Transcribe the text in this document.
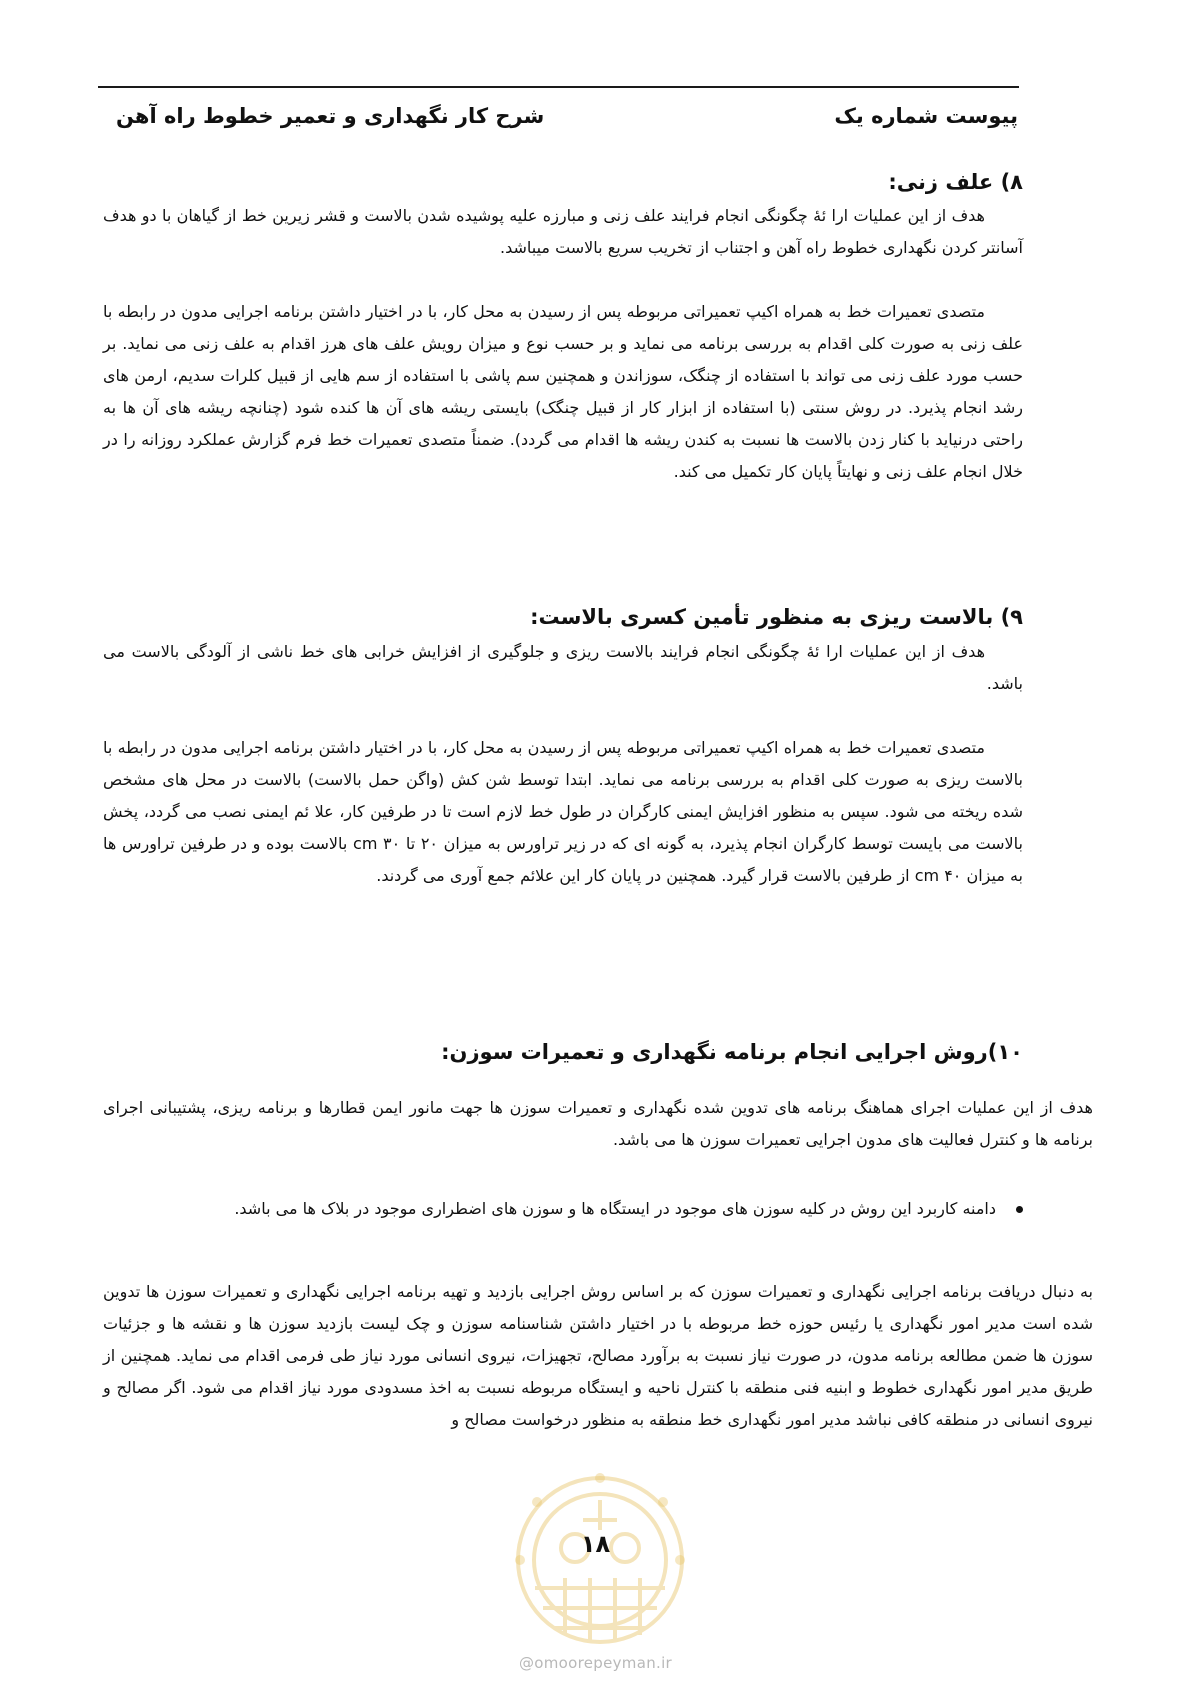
پیوست شماره یک
شرح کار نگهداری و تعمیر خطوط راه آهن
۸) علف زنی:
هدف از این عملیات ارا ئۀ چگونگی انجام فرایند علف زنی و مبارزه علیه پوشیده شدن بالاست و قشر زیرین خط از گیاهان با دو هدف آسانتر کردن نگهداری خطوط راه آهن و اجتناب از تخریب سریع بالاست میباشد.
متصدی تعمیرات خط به همراه اکیپ تعمیراتی مربوطه پس از رسیدن به محل کار، با در اختیار داشتن برنامه اجرایی مدون در رابطه با علف زنی به صورت کلی اقدام به بررسی برنامه می نماید و بر حسب نوع و میزان رویش علف های هرز اقدام به علف زنی می نماید. بر حسب مورد علف زنی می تواند با استفاده از چنگک، سوزاندن و همچنین سم پاشی با استفاده از سم هایی از قبیل کلرات سدیم، ارمن های رشد انجام پذیرد. در روش سنتی (با استفاده از ابزار کار از قبیل چنگک) بایستی ریشه های آن ها کنده شود (چنانچه ریشه های آن ها به راحتی درنیاید با کنار زدن بالاست ها نسبت به کندن ریشه ها اقدام می گردد). ضمناً متصدی تعمیرات خط فرم گزارش عملکرد روزانه را در خلال انجام علف زنی و نهایتاً پایان کار تکمیل می کند.
۹) بالاست ریزی به منظور تأمین کسری بالاست:
هدف از این عملیات ارا ئۀ چگونگی انجام فرایند بالاست ریزی و جلوگیری از افزایش خرابی های خط ناشی از آلودگی بالاست می باشد.
متصدی تعمیرات خط به همراه اکیپ تعمیراتی مربوطه پس از رسیدن به محل کار، با در اختیار داشتن برنامه اجرایی مدون در رابطه با بالاست ریزی به صورت کلی اقدام به بررسی برنامه می نماید. ابتدا توسط شن کش (واگن حمل بالاست) بالاست در محل های مشخص شده ریخته می شود. سپس به منظور افزایش ایمنی کارگران در طول خط لازم است تا در طرفین کار، علا ئم ایمنی نصب می گردد، پخش بالاست می بایست توسط کارگران انجام پذیرد، به گونه ای که در زیر تراورس به میزان ۲۰ تا cm ۳۰ بالاست بوده و در طرفین تراورس ها به میزان cm ۴۰ از طرفین بالاست قرار گیرد. همچنین در پایان کار این علائم جمع آوری می گردند.
۱۰)روش اجرایی انجام برنامه نگهداری و تعمیرات سوزن:
هدف از این عملیات اجرای هماهنگ برنامه های تدوین شده نگهداری و تعمیرات سوزن ها جهت مانور ایمن قطارها و برنامه ریزی، پشتیبانی اجرای برنامه ها و کنترل فعالیت های مدون اجرایی تعمیرات سوزن ها می باشد.
دامنه کاربرد این روش در کلیه سوزن های موجود در ایستگاه ها و سوزن های اضطراری موجود در بلاک ها می باشد.
به دنبال دریافت برنامه اجرایی نگهداری و تعمیرات سوزن که بر اساس روش اجرایی بازدید و تهیه برنامه اجرایی نگهداری و تعمیرات سوزن ها تدوین شده است مدیر امور نگهداری یا رئیس حوزه خط مربوطه با در اختیار داشتن شناسنامه سوزن و چک لیست بازدید سوزن ها و نقشه ها و جزئیات سوزن ها ضمن مطالعه برنامه مدون، در صورت نیاز نسبت به برآورد مصالح، تجهیزات، نیروی انسانی مورد نیاز طی فرمی اقدام می نماید. همچنین از طریق مدیر امور نگهداری خطوط و ابنیه فنی منطقه با کنترل ناحیه و ایستگاه مربوطه نسبت به اخذ مسدودی مورد نیاز اقدام می شود. اگر مصالح و نیروی انسانی در منطقه کافی نباشد مدیر امور نگهداری خط منطقه به منظور درخواست مصالح و
۱۸
@omoorepeyman.ir
